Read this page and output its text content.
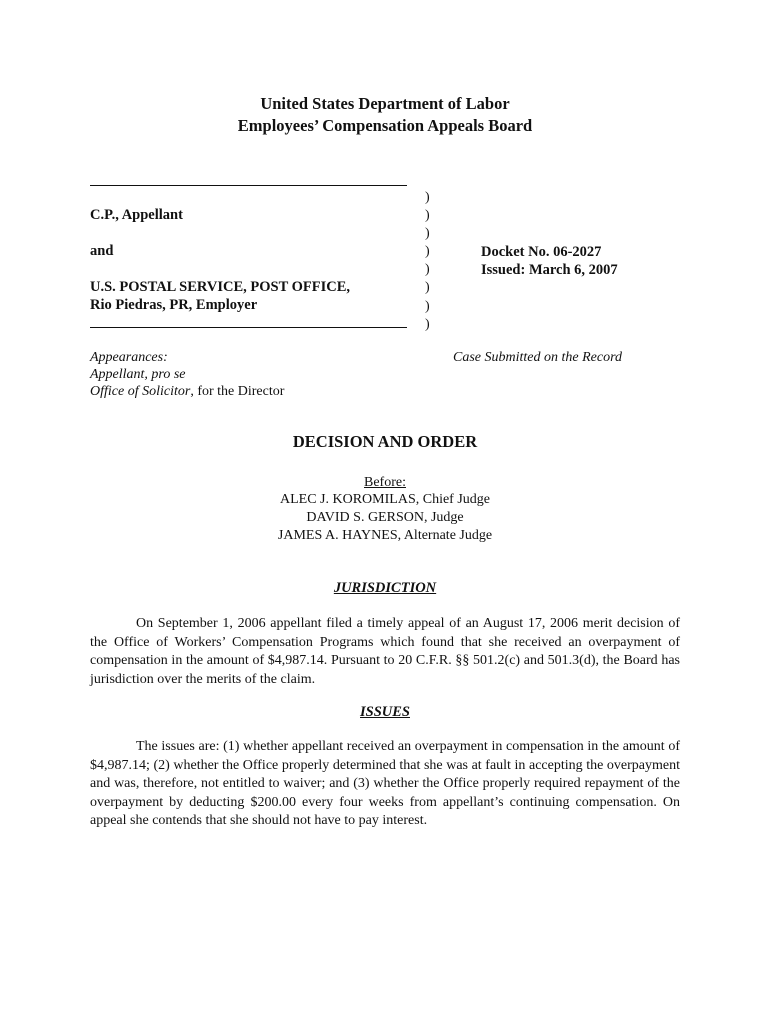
United States Department of Labor
Employees’ Compensation Appeals Board
C.P., Appellant
and
U.S. POSTAL SERVICE, POST OFFICE,
Rio Piedras, PR, Employer
)
)
)
)
)
)
)
)
Docket No. 06-2027
Issued: March 6, 2007
Appearances:
Appellant, pro se
Office of Solicitor, for the Director
Case Submitted on the Record
DECISION AND ORDER
Before:
ALEC J. KOROMILAS, Chief Judge
DAVID S. GERSON, Judge
JAMES A. HAYNES, Alternate Judge
JURISDICTION
On September 1, 2006 appellant filed a timely appeal of an August 17, 2006 merit decision of the Office of Workers’ Compensation Programs which found that she received an overpayment of compensation in the amount of $4,987.14. Pursuant to 20 C.F.R. §§ 501.2(c) and 501.3(d), the Board has jurisdiction over the merits of the claim.
ISSUES
The issues are: (1) whether appellant received an overpayment in compensation in the amount of $4,987.14; (2) whether the Office properly determined that she was at fault in accepting the overpayment and was, therefore, not entitled to waiver; and (3) whether the Office properly required repayment of the overpayment by deducting $200.00 every four weeks from appellant’s continuing compensation. On appeal she contends that she should not have to pay interest.
